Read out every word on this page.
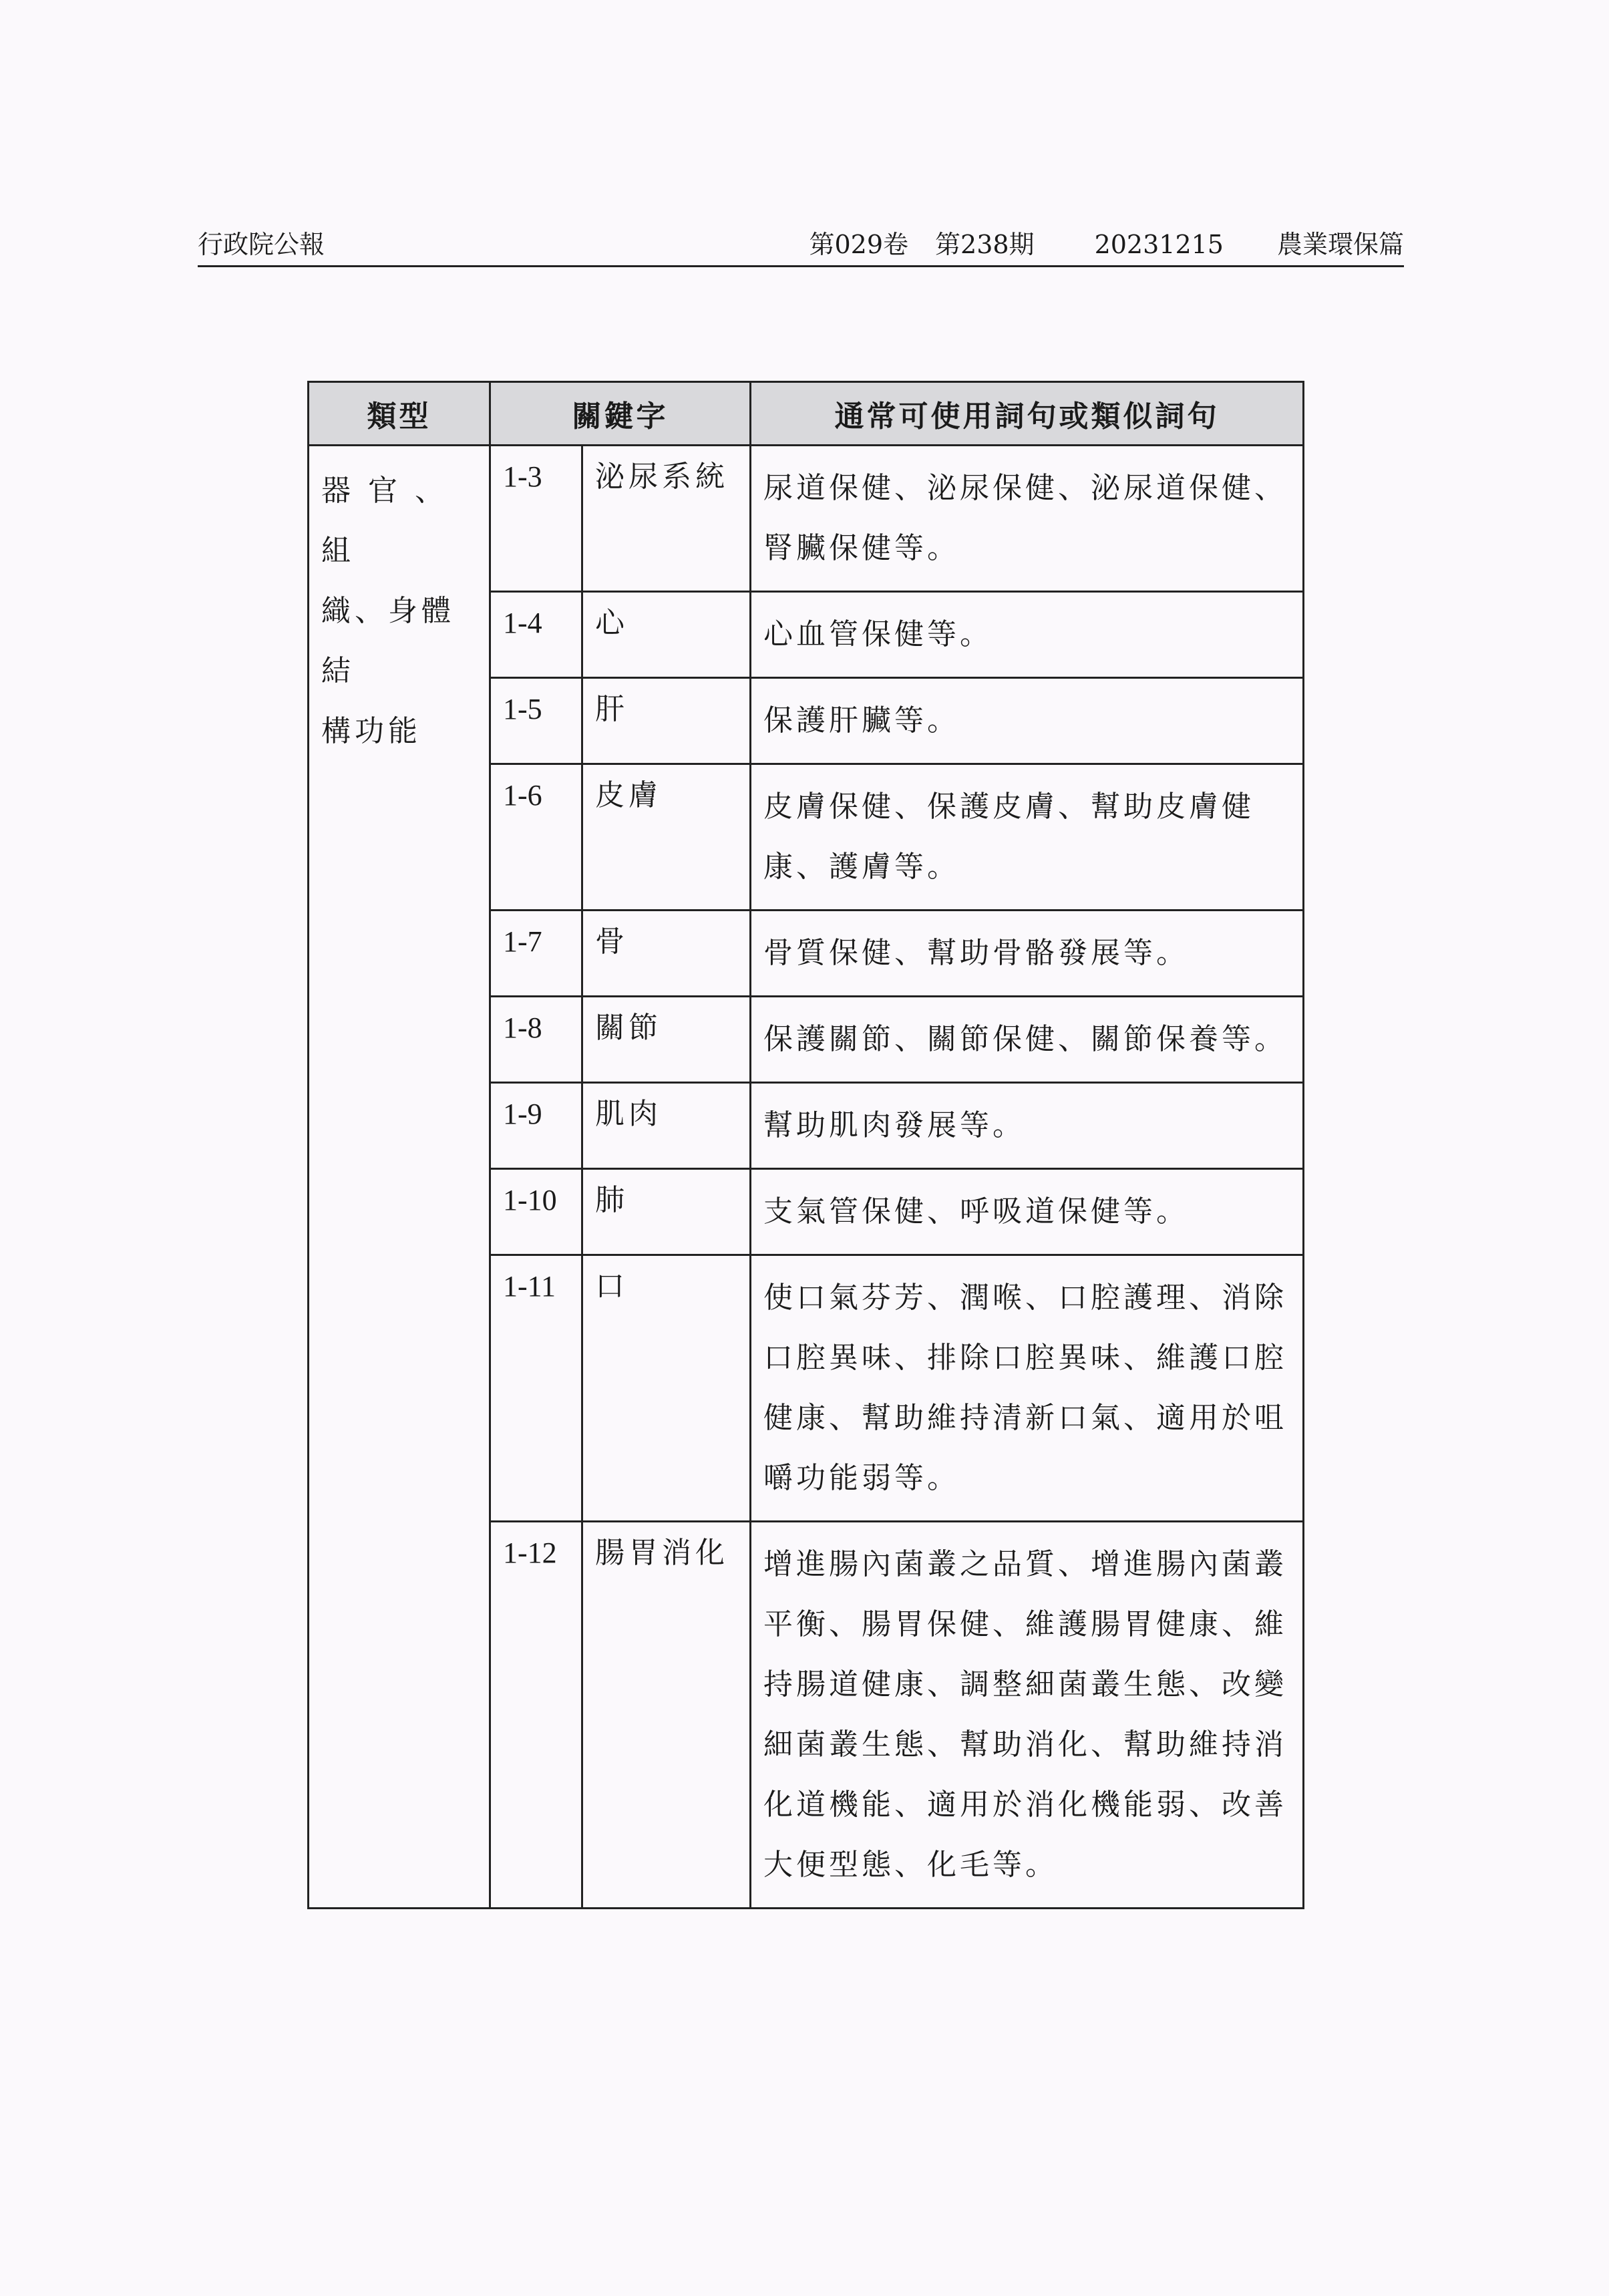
行政院公報	第029卷 第238期 20231215 農業環保篇
類型	關鍵字		通常可使用詞句或類似詞句

器 官 、 組
織、身體結
構功能	1-3	泌尿系統	尿道保健、泌尿保健、泌尿道保健、腎臟保健等。
	1-4	心	心血管保健等。
	1-5	肝	保護肝臟等。
	1-6	皮膚	皮膚保健、保護皮膚、幫助皮膚健康、護膚等。
	1-7	骨	骨質保健、幫助骨骼發展等。
	1-8	關節	保護關節、關節保健、關節保養等。
	1-9	肌肉	幫助肌肉發展等。
	1-10	肺	支氣管保健、呼吸道保健等。
	1-11	口	使口氣芬芳、潤喉、口腔護理、消除口腔異味、排除口腔異味、維護口腔健康、幫助維持清新口氣、適用於咀嚼功能弱等。
	1-12	腸胃消化	增進腸內菌叢之品質、增進腸內菌叢平衡、腸胃保健、維護腸胃健康、維持腸道健康、調整細菌叢生態、改變細菌叢生態、幫助消化、幫助維持消化道機能、適用於消化機能弱、改善大便型態、化毛等。
